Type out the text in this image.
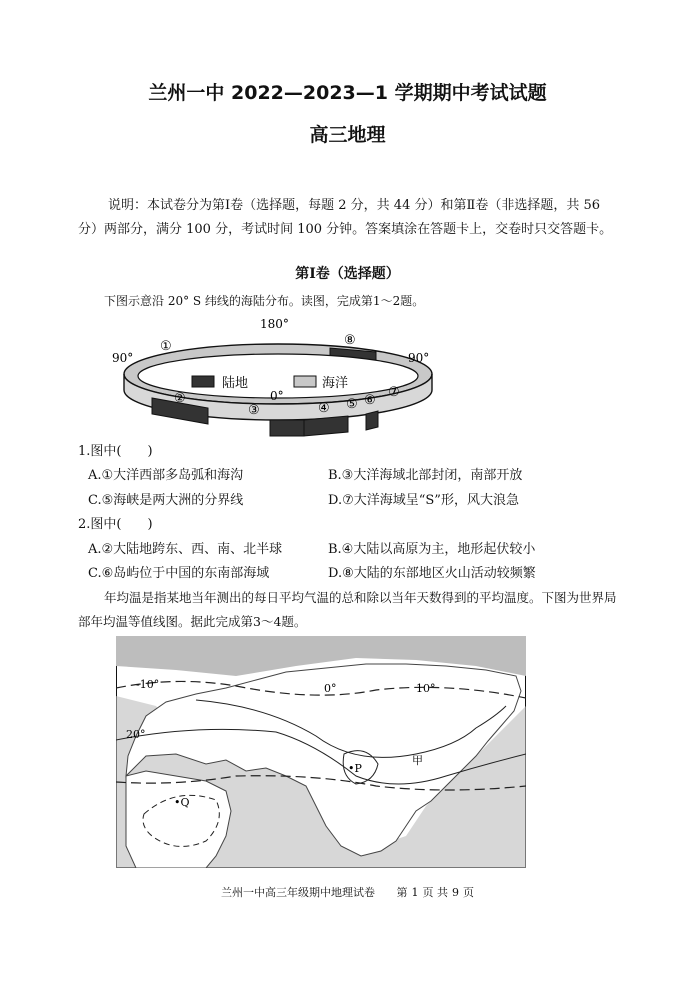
兰州一中 2022—2023—1 学期期中考试试题
高三地理
说明：本试卷分为第Ⅰ卷（选择题，每题 2 分，共 44 分）和第Ⅱ卷（非选择题，共 56 分）两部分，满分 100 分，考试时间 100 分钟。答案填涂在答题卡上，交卷时只交答题卡。
第Ⅰ卷（选择题）
下图示意沿 20° S 纬线的海陆分布。读图，完成第1～2题。
陆地	海洋
180°
90°	90°
0°
①
②
③	④ ⑤ ⑥
⑦
⑧
1.图中(　　)
A.①大洋西部多岛弧和海沟	B.③大洋海域北部封闭，南部开放
C.⑤海峡是两大洲的分界线	D.⑦大洋海域呈“S”形，风大浪急
2.图中(　　)
A.②大陆地跨东、西、南、北半球	B.④大陆以高原为主，地形起伏较小
C.⑥岛屿位于中国的东南部海域	D.⑧大陆的东部地区火山活动较频繁
年均温是指某地当年测出的每日平均气温的总和除以当年天数得到的平均温度。下图为世界局部年均温等值线图。据此完成第3～4题。
-10°	0°	10°
20°
•P
•Q
甲
兰州一中高三年级期中地理试卷 第 1 页 共 9 页
